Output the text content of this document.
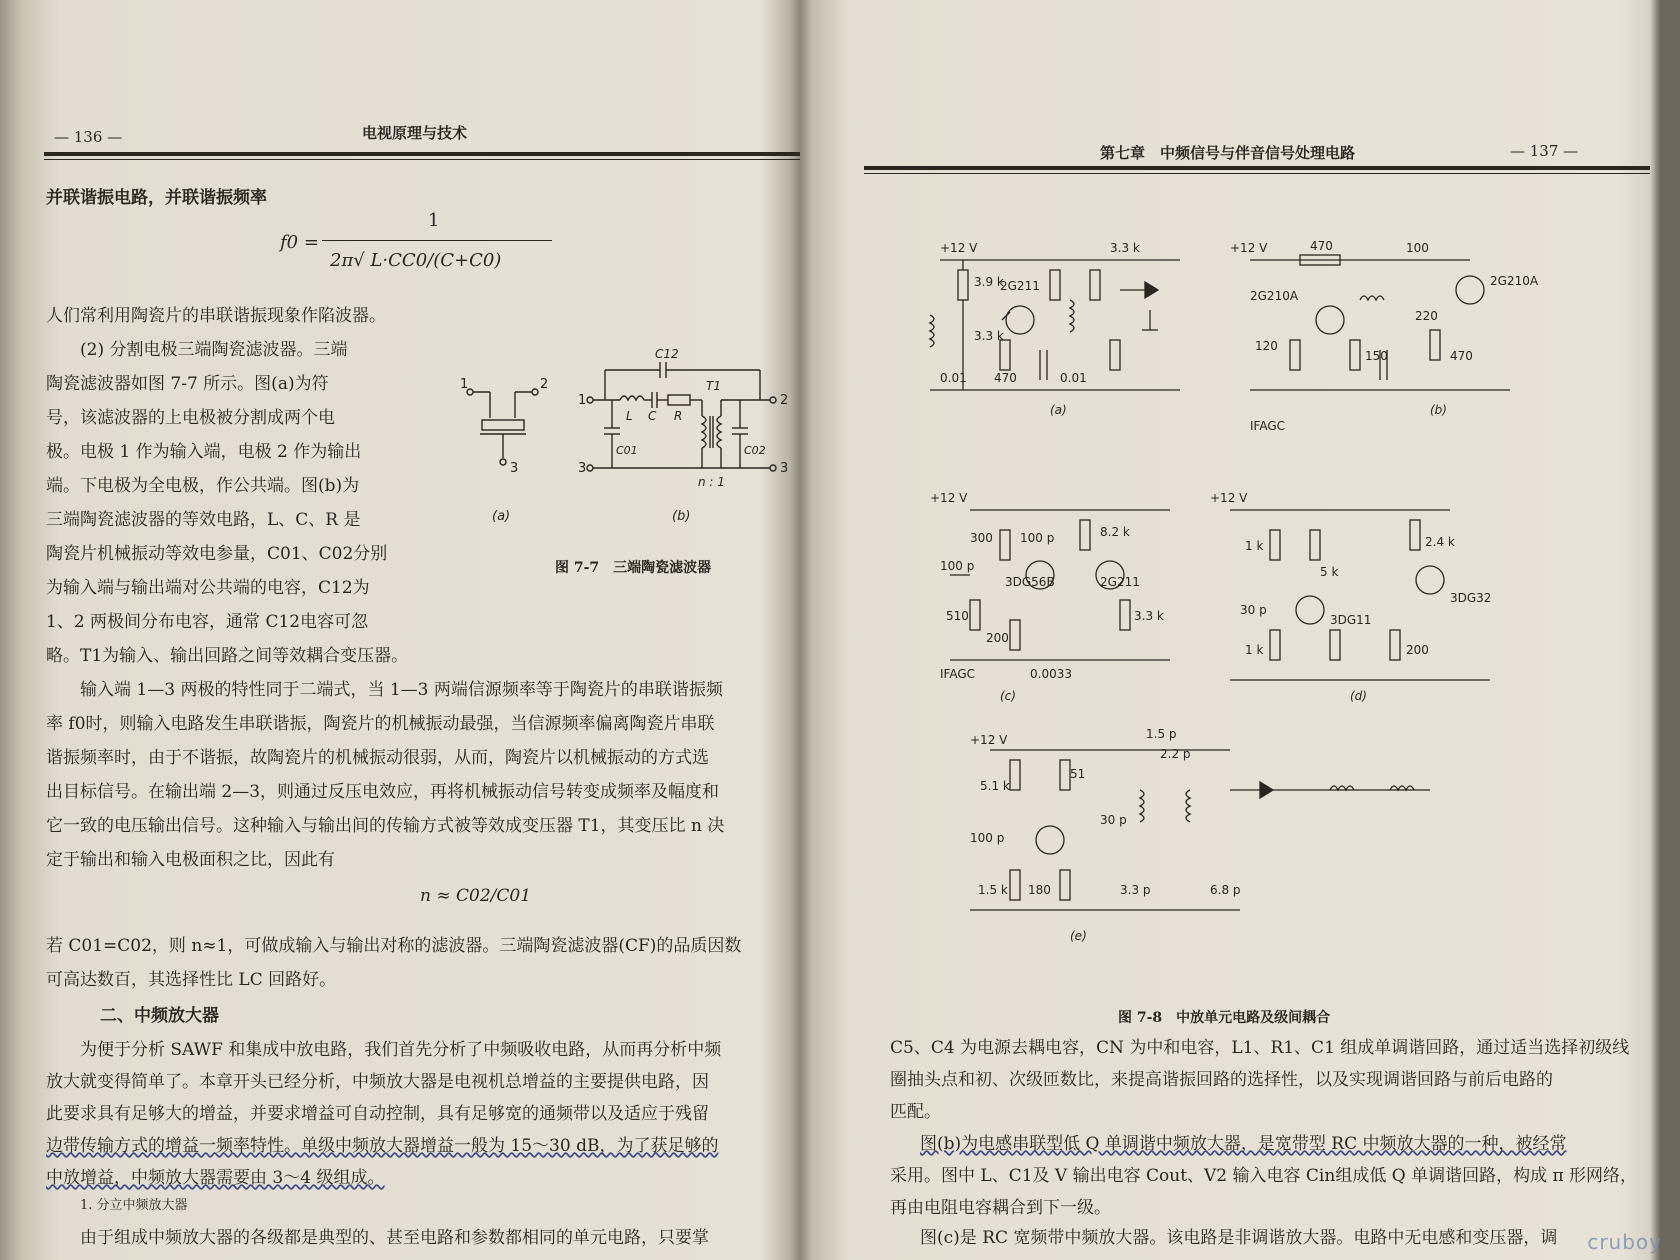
— 136 —	电视原理与技术
并联谐振电路，并联谐振频率
f0 =
1
2π√ L·CC0/(C+C0)
人们常利用陶瓷片的串联谐振现象作陷波器。
(2) 分割电极三端陶瓷滤波器。三端
陶瓷滤波器如图 7-7 所示。图(a)为符
号，该滤波器的上电极被分割成两个电
极。电极 1 作为输入端，电极 2 作为输出
端。下电极为全电极，作公共端。图(b)为
三端陶瓷滤波器的等效电路，L、C、R 是
陶瓷片机械振动等效电参量，C01、C02分别
为输入端与输出端对公共端的电容，C12为
1、2 两极间分布电容，通常 C12电容可忽
略。T1为输入、输出回路之间等效耦合变压器。
1	2
3
1
3
2
3
C12
T1
L C R
C01	C02
n : 1
(a)	(b)
图 7-7　三端陶瓷滤波器
输入端 1—3 两极的特性同于二端式，当 1—3 两端信源频率等于陶瓷片的串联谐振频
率 f0时，则输入电路发生串联谐振，陶瓷片的机械振动最强，当信源频率偏离陶瓷片串联
谐振频率时，由于不谐振，故陶瓷片的机械振动很弱，从而，陶瓷片以机械振动的方式选
出目标信号。在输出端 2—3，则通过反压电效应，再将机械振动信号转变成频率及幅度和
它一致的电压输出信号。这种输入与输出间的传输方式被等效成变压器 T1，其变压比 n 决
定于输出和输入电极面积之比，因此有
n ≈ C02/C01
若 C01=C02，则 n≈1，可做成输入与输出对称的滤波器。三端陶瓷滤波器(CF)的品质因数
可高达数百，其选择性比 LC 回路好。
二、中频放大器
为便于分析 SAWF 和集成中放电路，我们首先分析了中频吸收电路，从而再分析中频
放大就变得简单了。本章开头已经分析，中频放大器是电视机总增益的主要提供电路，因
此要求具有足够大的增益，并要求增益可自动控制，具有足够宽的通频带以及适应于残留
边带传输方式的增益一频率特性。单级中频放大器增益一般为 15～30 dB，为了获足够的
中放增益，中频放大器需要由 3～4 级组成。
1. 分立中频放大器
由于组成中频放大器的各级都是典型的、甚至电路和参数都相同的单元电路，只要掌
第七章　中频信号与伴音信号处理电路	— 137 —
+12 V
3.9 k
3.3 k
2G211
3.3 k
470
0.01	0.01
(a)
+12 V	470	100
2G210A
2G210A
220
150
120
470
IFAGC
(b)
+12 V
300 100 p	8.2 k
100 p
3DG56B	2G211
510
200
3.3 k
IFAGC	0.0033
(c)
+12 V
1 k	2.4 k
5 k
30 p
3DG11
3DG32
1 k	200
(d)
+12 V
5.1 k
51
1.5 p
2.2 p
100 p
30 p
3.3 p	6.8 p
1.5 k 180
(e)
图 7-8　中放单元电路及级间耦合
C5、C4 为电源去耦电容，CN 为中和电容，L1、R1、C1 组成单调谐回路，通过适当选择初级线
圈抽头点和初、次级匝数比，来提高谐振回路的选择性，以及实现调谐回路与前后电路的
匹配。
图(b)为电感串联型低 Q 单调谐中频放大器，是宽带型 RC 中频放大器的一种，被经常
采用。图中 L、C1及 V 输出电容 Cout、V2 输入电容 Cin组成低 Q 单调谐回路，构成 π 形网络，
再由电阻电容耦合到下一级。
图(c)是 RC 宽频带中频放大器。该电路是非调谐放大器。电路中无电感和变压器，调 cruboy
